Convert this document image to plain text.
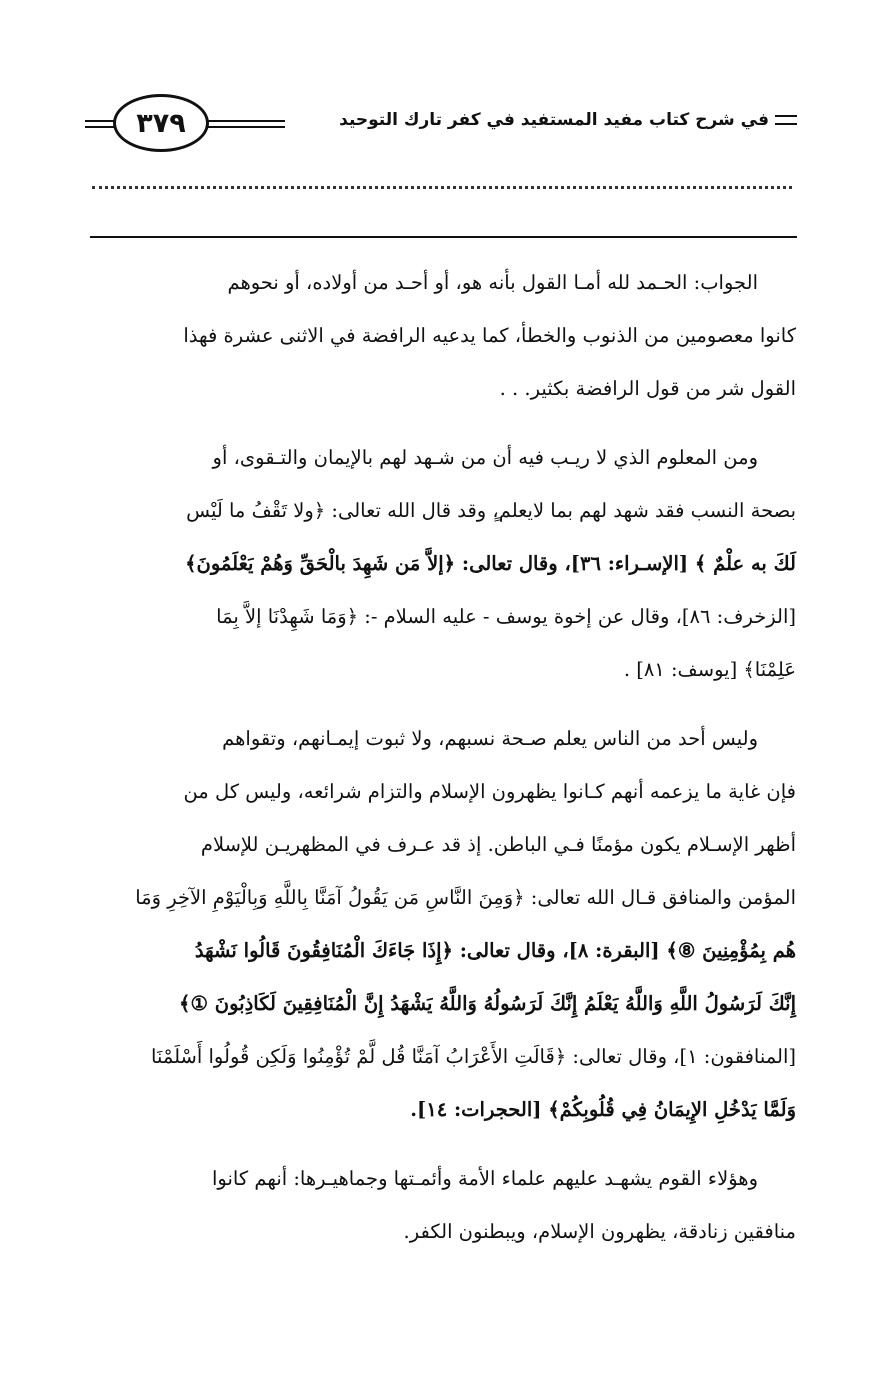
في شرح كتاب مفيد المستفيد في كفر تارك التوحيد
٣٧٩
الجواب: الحـمد لله أمـا القول بأنه هو، أو أحـد من أولاده، أو نحوهم
كانوا معصومين من الذنوب والخطأ، كما يدعيه الرافضة في الاثنى عشرة فهذا
القول شر من قول الرافضة بكثير. . .
ومن المعلوم الذي لا ريـب فيه أن من شـهد لهم بالإيمان والتـقوى، أو
بصحة النسب فقد شهد لهم بما لايعلم،ٍ وقد قال الله تعالى: ﴿ولا تَقْفُ ما لَيْس
لَكَ به علْمٌ ﴾ [الإسـراء: ٣٦]، وقال تعالى: ﴿إلاَّ مَن شَهِدَ بالْحَقِّ وَهُمْ يَعْلَمُونَ﴾
[الزخرف: ٨٦]، وقال عن إخوة يوسف - عليه السلام -: ﴿وَمَا شَهِدْنَا إلاَّ بِمَا
عَلِمْنَا﴾ [يوسف: ٨١] .
وليس أحد من الناس يعلم صـحة نسبهم، ولا ثبوت إيمـانهم، وتقواهم
فإن غاية ما يزعمه أنهم كـانوا يظهرون الإسلام والتزام شرائعه، وليس كل من
أظهر الإسـلام يكون مؤمنًا فـي الباطن. إذ قد عـرف في المظهريـن للإسلام
المؤمن والمنافق قـال الله تعالى: ﴿وَمِنَ النَّاسِ مَن يَقُولُ آمَنَّا بِاللَّهِ وَبِالْيَوْمِ الآخِرِ وَمَا
هُم بِمُؤْمِنِينَ ⑧﴾ [البقرة: ٨]، وقال تعالى: ﴿إِذَا جَاءَكَ الْمُنَافِقُونَ قَالُوا نَشْهَدُ
إِنَّكَ لَرَسُولُ اللَّهِ وَاللَّهُ يَعْلَمُ إِنَّكَ لَرَسُولُهُ وَاللَّهُ يَشْهَدُ إِنَّ الْمُنَافِقِينَ لَكَاذِبُونَ ①﴾
[المنافقون: ١]، وقال تعالى: ﴿قَالَتِ الأَعْرَابُ آمَنَّا قُل لَّمْ تُؤْمِنُوا وَلَكِن قُولُوا أَسْلَمْنَا
وَلَمَّا يَدْخُلِ الإِيمَانُ فِي قُلُوبِكُمْ﴾ [الحجرات: ١٤].
وهؤلاء القوم يشهـد عليهم علماء الأمة وأئمـتها وجماهيـرها: أنهم كانوا
منافقين زنادقة، يظهرون الإسلام، ويبطنون الكفر.
